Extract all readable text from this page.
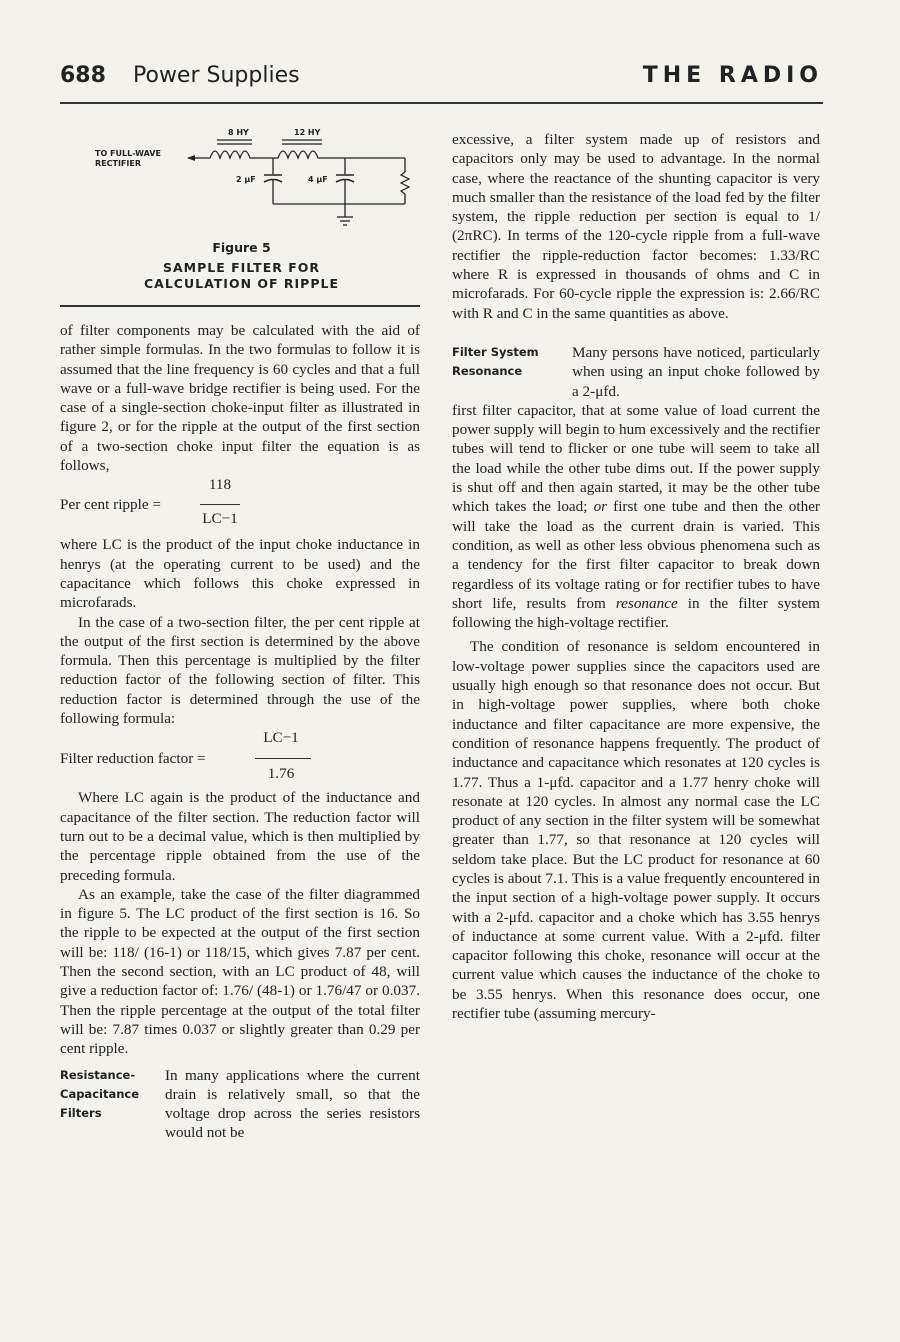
688 Power Supplies	THE RADIO
TO FULL-WAVE
RECTIFIER
8 HY	12 HY
2 μF	4 μF
Figure 5
SAMPLE FILTER FOR
CALCULATION OF RIPPLE

of filter components may be calculated with the aid of rather simple formulas. In the two formulas to follow it is assumed that the line frequency is 60 cycles and that a full wave or a full-wave bridge rectifier is being used. For the case of a single-section choke-input filter as illustrated in figure 2, or for the ripple at the output of the first section of a two-section choke input filter the equation is as follows,

Per cent ripple =
118
LC−1

where LC is the product of the input choke inductance in henrys (at the operating current to be used) and the capacitance which follows this choke expressed in microfarads.

In the case of a two-section filter, the per cent ripple at the output of the first section is determined by the above formula. Then this percentage is multiplied by the filter reduction factor of the following section of filter. This reduction factor is determined through the use of the following formula:

Filter reduction factor =
LC−1
1.76

Where LC again is the product of the inductance and capacitance of the filter section. The reduction factor will turn out to be a decimal value, which is then multiplied by the percentage ripple obtained from the use of the preceding formula.

As an example, take the case of the filter diagrammed in figure 5. The LC product of the first section is 16. So the ripple to be expected at the output of the first section will be: 118/ (16-1) or 118/15, which gives 7.87 per cent. Then the second section, with an LC product of 48, will give a reduction factor of: 1.76/ (48-1) or 1.76/47 or 0.037. Then the ripple percentage at the output of the total filter will be: 7.87 times 0.037 or slightly greater than 0.29 per cent ripple.

Resistance-
Capacitance
Filters
In many applications where the current drain is relatively small, so that the voltage drop across the series resistors would not be

excessive, a filter system made up of resistors and capacitors only may be used to advantage. In the normal case, where the reactance of the shunting capacitor is very much smaller than the resistance of the load fed by the filter system, the ripple reduction per section is equal to 1/ (2πRC). In terms of the 120-cycle ripple from a full-wave rectifier the ripple-reduction factor becomes: 1.33/RC where R is expressed in thousands of ohms and C in microfarads. For 60-cycle ripple the expression is: 2.66/RC with R and C in the same quantities as above.

Filter System
Resonance
Many persons have noticed, particularly when using an input choke followed by a 2-μfd.

first filter capacitor, that at some value of load current the power supply will begin to hum excessively and the rectifier tubes will tend to flicker or one tube will seem to take all the load while the other tube dims out. If the power supply is shut off and then again started, it may be the other tube which takes the load; or first one tube and then the other will take the load as the current drain is varied. This condition, as well as other less obvious phenomena such as a tendency for the first filter capacitor to break down regardless of its voltage rating or for rectifier tubes to have short life, results from resonance in the filter system following the high-voltage rectifier.

The condition of resonance is seldom encountered in low-voltage power supplies since the capacitors used are usually high enough so that resonance does not occur. But in high-voltage power supplies, where both choke inductance and filter capacitance are more expensive, the condition of resonance happens frequently. The product of inductance and capacitance which resonates at 120 cycles is 1.77. Thus a 1-μfd. capacitor and a 1.77 henry choke will resonate at 120 cycles. In almost any normal case the LC product of any section in the filter system will be somewhat greater than 1.77, so that resonance at 120 cycles will seldom take place. But the LC product for resonance at 60 cycles is about 7.1. This is a value frequently encountered in the input section of a high-voltage power supply. It occurs with a 2-μfd. capacitor and a choke which has 3.55 henrys of inductance at some current value. With a 2-μfd. filter capacitor following this choke, resonance will occur at the current value which causes the inductance of the choke to be 3.55 henrys. When this resonance does occur, one rectifier tube (assuming mercury-
